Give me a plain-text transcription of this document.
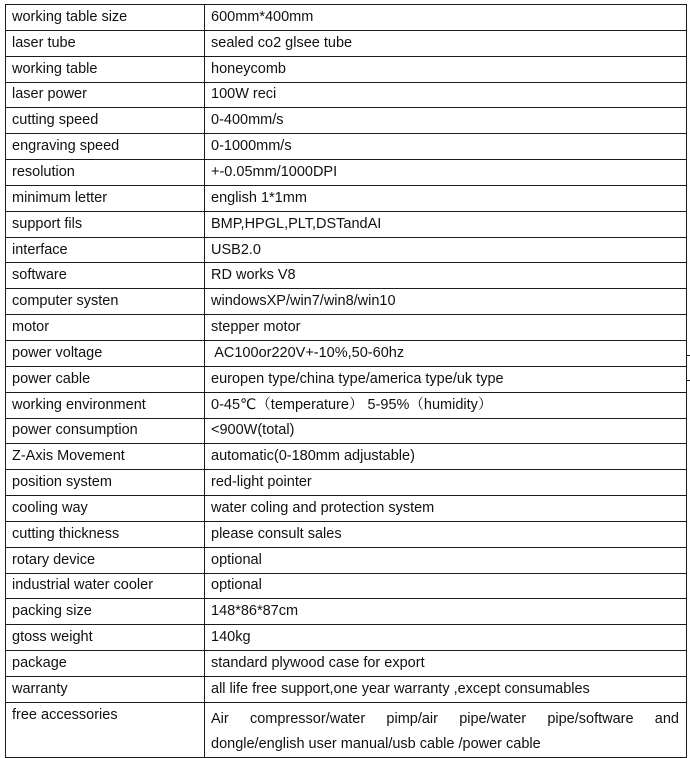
working table size	600mm*400mm
laser tube	sealed co2 glsee tube
working table	honeycomb
laser power	100W reci
cutting speed	0-400mm/s
engraving speed	0-1000mm/s
resolution	+-0.05mm/1000DPI
minimum letter	english 1*1mm
support fils	BMP,HPGL,PLT,DSTandAI
interface	USB2.0
software	RD works V8
computer systen	windowsXP/win7/win8/win10
motor	stepper motor
power voltage	AC100or220V+-10%,50-60hz
power cable	europen type/china type/america type/uk type
working environment	0-45℃（temperature） 5-95%（humidity）
power consumption	<900W(total)
Z-Axis Movement	automatic(0-180mm adjustable)
position system	red-light pointer
cooling way	water coling and protection system
cutting thickness	please consult sales
rotary device	optional
industrial water cooler	optional
packing size	148*86*87cm
gtoss weight	140kg
package	standard plywood case for export
warranty	all life free support,one year warranty ,except consumables
free accessories	Air compressor/water pimp/air pipe/water pipe/software and dongle/english user manual/usb cable /power cable
